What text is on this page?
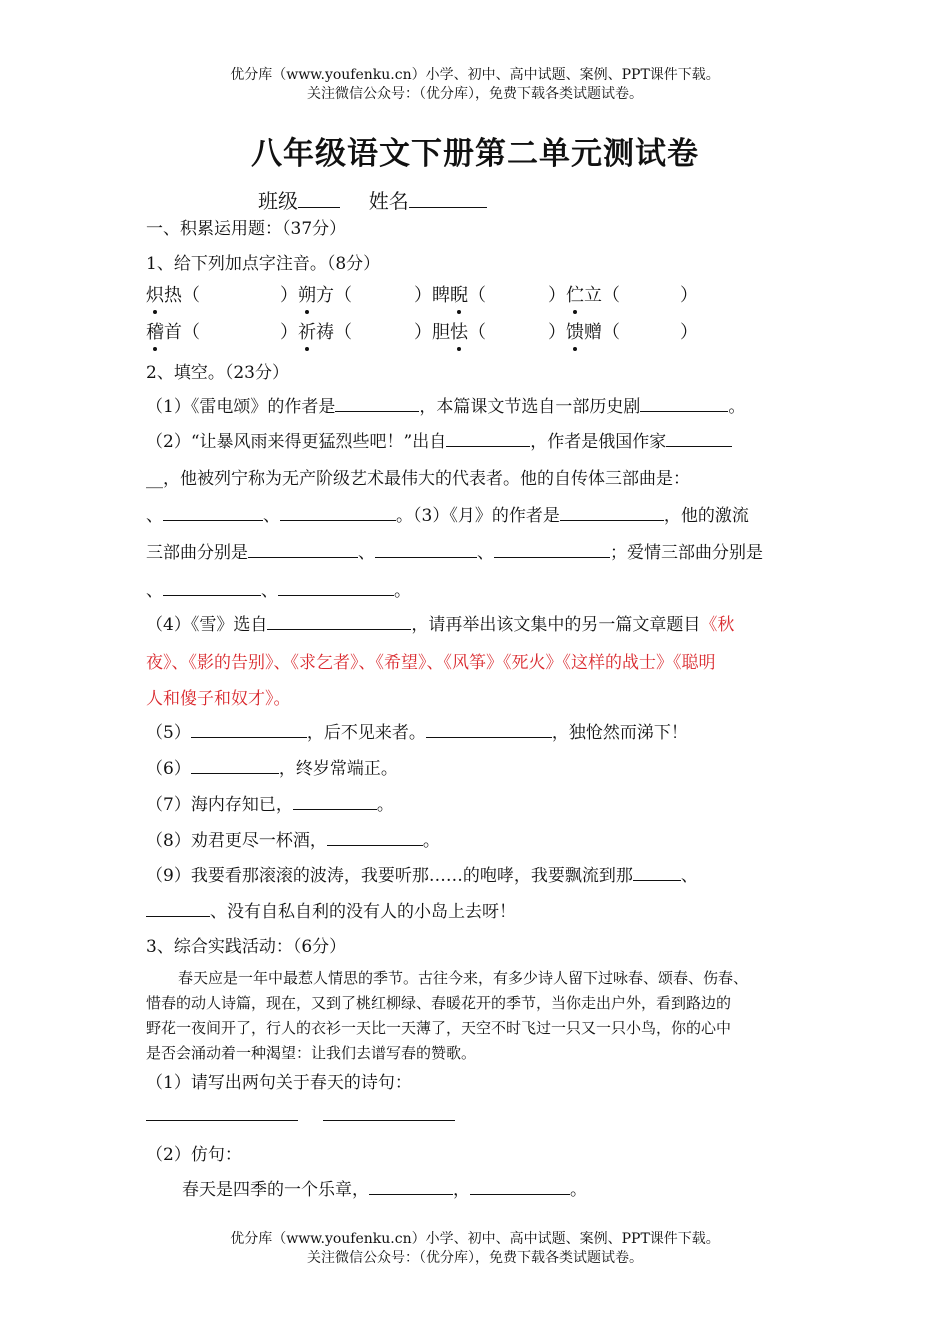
优分库（www.youfenku.cn）小学、初中、高中试题、案例、PPT课件下载。
关注微信公众号：（优分库），免费下载各类试题试卷。
八年级语文下册第二单元测试卷
班级	姓名
一、积累运用题：（37分）
1、给下列加点字注音。（8分）
炽热（	）朔方（	）睥睨（	）伫立（	）
稽首（	）祈祷（	）胆怯（	）馈赠（	）
2、填空。（23分）
（1）《雷电颂》的作者是	，本篇课文节选自一部历史剧	。
（2）“让暴风雨来得更猛烈些吧！”出自	，作者是俄国作家
__，他被列宁称为无产阶级艺术最伟大的代表者。他的自传体三部曲是：
、	、	。（3）《月》的作者是	，他的激流
三部曲分别是	、	、	；爱情三部曲分别是
、	、	。
（4）《雪》选自	，请再举出该文集中的另一篇文章题目《秋
夜》、《影的告别》、《求乞者》、《希望》、《风筝》《死火》《这样的战士》《聪明
人和傻子和奴才》。
（5）	，后不见来者。	，独怆然而涕下！
（6）	，终岁常端正。
（7）海内存知已，	。
（8）劝君更尽一杯酒，	。
（9）我要看那滚滚的波涛，我要听那……的咆哮，我要飘流到那	、
、没有自私自利的没有人的小岛上去呀！
3、综合实践活动：（6分）
春天应是一年中最惹人情思的季节。古往今来，有多少诗人留下过咏春、颂春、伤春、
惜春的动人诗篇，现在，又到了桃红柳绿、春暖花开的季节，当你走出户外，看到路边的
野花一夜间开了，行人的衣衫一天比一天薄了，天空不时飞过一只又一只小鸟，你的心中
是否会涌动着一种渴望：让我们去谱写春的赞歌。
（1）请写出两句关于春天的诗句：

（2）仿句：
春天是四季的一个乐章，	，	。
优分库（www.youfenku.cn）小学、初中、高中试题、案例、PPT课件下载。
关注微信公众号：（优分库），免费下载各类试题试卷。
